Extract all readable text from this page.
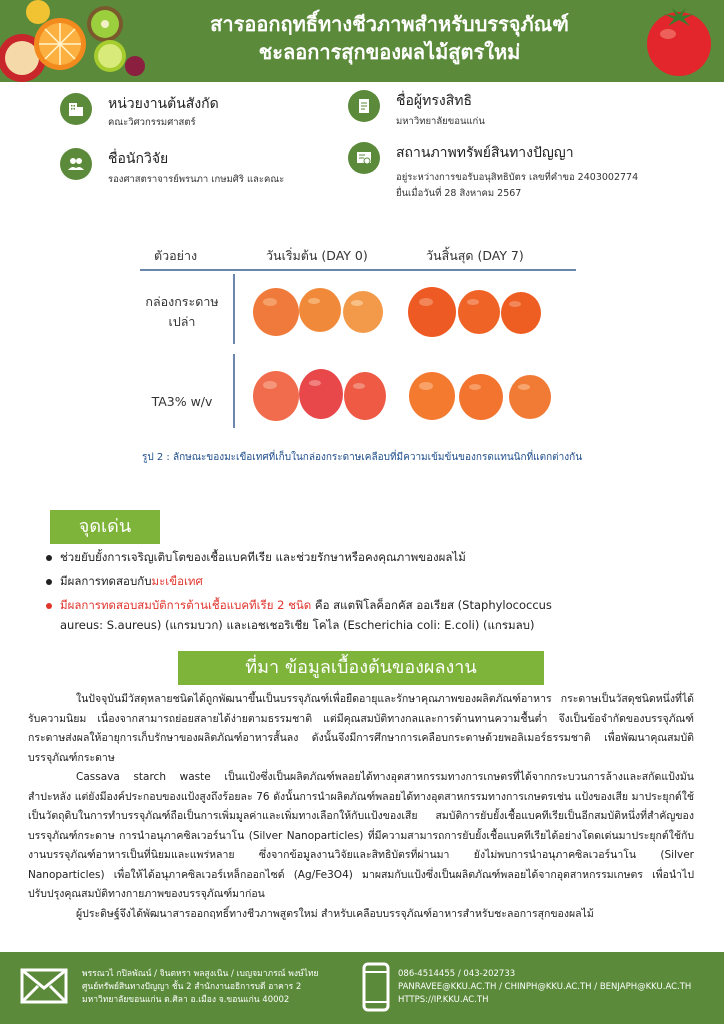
สารออกฤทธิ์ทางชีวภาพสำหรับบรรจุภัณฑ์
ชะลอการสุกของผลไม้สูตรใหม่
หน่วยงานต้นสังกัด
คณะวิศวกรรมศาสตร์
ชื่อผู้ทรงสิทธิ
มหาวิทยาลัยขอนแก่น
ชื่อนักวิจัย
รองศาสตราจารย์พรนภา เกษมศิริ และคณะ
สถานภาพทรัพย์สินทางปัญญา
อยู่ระหว่างการขอรับอนุสิทธิบัตร เลขที่คำขอ 2403002774
ยื่นเมื่อวันที่ 28 สิงหาคม 2567
ตัวอย่าง	วันเริ่มต้น (DAY 0)	วันสิ้นสุด (DAY 7)
กล่องกระดาษ
เปล่า
TA3% w/v
รูป 2 : ลักษณะของมะเขือเทศที่เก็บในกล่องกระดาษเคลือบที่มีความเข้มข้นของกรดแทนนิกที่แตกต่างกัน
จุดเด่น
ช่วยยับยั้งการเจริญเติบโตของเชื้อแบคทีเรีย และช่วยรักษาหรือคงคุณภาพของผลไม้
มีผลการทดสอบกับมะเขือเทศ
มีผลการทดสอบสมบัติการต้านเชื้อแบคทีเรีย 2 ชนิด คือ สแตฟิโลค็อกคัส ออเรียส (Staphylococcus
aureus: S.aureus) (แกรมบวก) และเอชเชอริเชีย โคไล (Escherichia coli: E.coli) (แกรมลบ)
ที่มา ข้อมูลเบื้องต้นของผลงาน

ในปัจจุบันมีวัสดุหลายชนิดได้ถูกพัฒนาขึ้นเป็นบรรจุภัณฑ์เพื่อยืดอายุและรักษาคุณภาพของผลิตภัณฑ์อาหาร กระดาษเป็นวัสดุชนิดหนึ่งที่ได้รับความนิยม เนื่องจากสามารถย่อยสลายได้ง่ายตามธรรมชาติ แต่มีคุณสมบัติทางกลและการต้านทานความชื้นต่ำ จึงเป็นข้อจำกัดของบรรจุภัณฑ์กระดาษส่งผลให้อายุการเก็บรักษาของผลิตภัณฑ์อาหารสั้นลง ดังนั้นจึงมีการศึกษาการเคลือบกระดาษด้วยพอลิเมอร์ธรรมชาติ เพื่อพัฒนาคุณสมบัติบรรจุภัณฑ์กระดาษ

Cassava starch waste เป็นแป้งซึ่งเป็นผลิตภัณฑ์พลอยได้ทางอุตสาหกรรมทางการเกษตรที่ได้จากกระบวนการล้างและสกัดแป้งมันสำปะหลัง แต่ยังมีองค์ประกอบของแป้งสูงถึงร้อยละ 76 ดังนั้นการนำผลิตภัณฑ์พลอยได้ทางอุตสาหกรรมทางการเกษตรเช่น แป้งของเสีย มาประยุกต์ใช้เป็นวัตถุดิบในการทำบรรจุภัณฑ์ถือเป็นการเพิ่มมูลค่าและเพิ่มทางเลือกให้กับแป้งของเสีย สมบัติการยับยั้งเชื้อแบคทีเรียเป็นอีกสมบัติหนึ่งที่สำคัญของบรรจุภัณฑ์กระดาษ การนำอนุภาคซิลเวอร์นาโน (Silver Nanoparticles) ที่มีความสามารถการยับยั้งเชื้อแบคทีเรียได้อย่างโดดเด่นมาประยุกต์ใช้กับงานบรรจุภัณฑ์อาหารเป็นที่นิยมและแพร่หลาย ซึ่งจากข้อมูลงานวิจัยและสิทธิบัตรที่ผ่านมา ยังไม่พบการนำอนุภาคซิลเวอร์นาโน (Silver Nanoparticles) เพื่อให้ได้อนุภาคซิลเวอร์เหล็กออกไซด์ (Ag/Fe3O4) มาผสมกับแป้งซึ่งเป็นผลิตภัณฑ์พลอยได้จากอุตสาหกรรมเกษตร เพื่อนำไปปรับปรุงคุณสมบัติทางกายภาพของบรรจุภัณฑ์มาก่อน

ผู้ประดิษฐ์จึงได้พัฒนาสารออกฤทธิ์ทางชีวภาพสูตรใหม่ สำหรับเคลือบบรรจุภัณฑ์อาหารสำหรับชะลอการสุกของผลไม้

พรรณวไ กปิลพัณน์ / จินตหรา พลสูงเนิน / เบญจมาภรณ์ พงษ์ไทย
ศูนย์ทรัพย์สินทางปัญญา ชั้น 2 สำนักงานอธิการบดี อาคาร 2
มหาวิทยาลัยขอนแก่น ต.ศิลา อ.เมือง จ.ขอนแก่น 40002
086-4514455 / 043-202733
PANRAVEE@KKU.AC.TH / CHINPH@KKU.AC.TH / BENJAPH@KKU.AC.TH
HTTPS://IP.KKU.AC.TH
